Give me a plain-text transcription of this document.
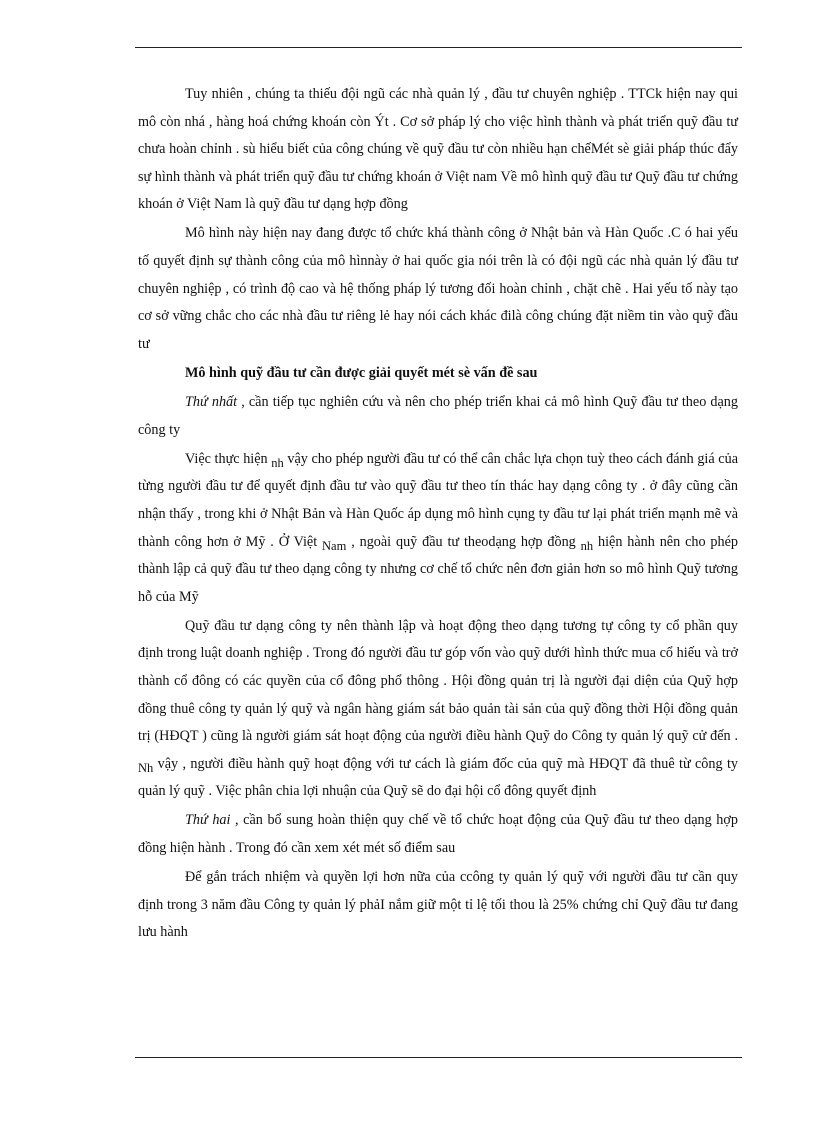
Tuy nhiên , chúng ta thiếu đội ngũ các nhà quản lý , đầu tư chuyên nghiệp . TTCk hiện nay qui mô còn nhá , hàng hoá chứng khoán còn Ýt . Cơ sở pháp lý cho việc hình thành và phát triển quỹ đầu tư chưa hoàn chỉnh . sù hiểu biết của công chúng về quỹ đầu tư còn nhiều hạn chếMét sè giải pháp thúc đẩy sự hình thành và phát triển quỹ đầu tư chứng khoán ở Việt nam Về mô hình quỹ đầu tư Quỹ đầu tư chứng khoán ở Việt Nam là quỹ đầu tư dạng hợp đồng

Mô hình này hiện nay đang được tổ chức khá thành công ở Nhật bản và Hàn Quốc .C ó hai yếu tố quyết định sự thành công của mô hìnnày ở hai quốc gia nói trên là có đội ngũ các nhà quản lý đầu tư chuyên nghiệp , có trình độ cao và hệ thống pháp lý tương đối hoàn chỉnh , chặt chẽ . Hai yếu tố này tạo cơ sở vững chắc cho các nhà đầu tư riêng lẻ hay nói cách khác đilà công chúng đặt niềm tin vào quỹ đầu tư

Mô hình quỹ đầu tư cần được giải quyết mét sè vấn đề sau

Thứ nhất , cần tiếp tục nghiên cứu và nên cho phép triển khai cả mô hình Quỹ đầu tư theo dạng công ty

Việc thực hiện nh vậy cho phép người đầu tư có thể cân chắc lựa chọn tuỳ theo cách đánh giá của từng người đầu tư để quyết định đầu tư vào quỹ đầu tư theo tín thác hay dạng công ty . ở đây cũng cần nhận thấy , trong khi ở Nhật Bản và Hàn Quốc áp dụng mô hình cụng ty đầu tư lại phát triển mạnh mẽ và thành công hơn ở Mỹ . Ở Việt Nam , ngoài quỹ đầu tư theodạng hợp đồng nh hiện hành nên cho phép thành lập cả quỹ đầu tư theo dạng công ty nhưng cơ chế tổ chức nên đơn giản hơn so mô hình Quỹ tương hỗ của Mỹ

Quỹ đầu tư dạng công ty nên thành lập và hoạt động theo dạng tương tự công ty cổ phần quy định trong luật doanh nghiệp . Trong đó người đầu tư góp vốn vào quỹ dưới hình thức mua cổ hiếu và trở thành cổ đông có các quyền của cổ đông phổ thông . Hội đồng quản trị là người đại diện của Quỹ hợp đồng thuê công ty quản lý quỹ và ngân hàng giám sát bảo quản tài sản của quỹ đồng thời Hội đồng quản trị (HĐQT ) cũng là người giám sát hoạt động của người điều hành Quỹ do Công ty quản lý quỹ cử đến . Nh vậy , người điều hành quỹ hoạt động với tư cách là giám đốc của quỹ mà HĐQT đã thuê từ công ty quản lý quỹ . Việc phân chia lợi nhuận của Quỹ sẽ do đại hội cổ đông quyết định

Thứ hai , cần bổ sung hoàn thiện quy chế về tổ chức hoạt động của Quỹ đầu tư theo dạng hợp đồng hiện hành . Trong đó cần xem xét mét số điểm sau

Để gắn trách nhiệm và quyền lợi hơn nữa của ccông ty quản lý quỹ với người đầu tư cần quy định trong 3 năm đầu Công ty quản lý phảI nắm giữ một tỉ lệ tối thou là 25% chứng chỉ Quỹ đầu tư đang lưu hành
